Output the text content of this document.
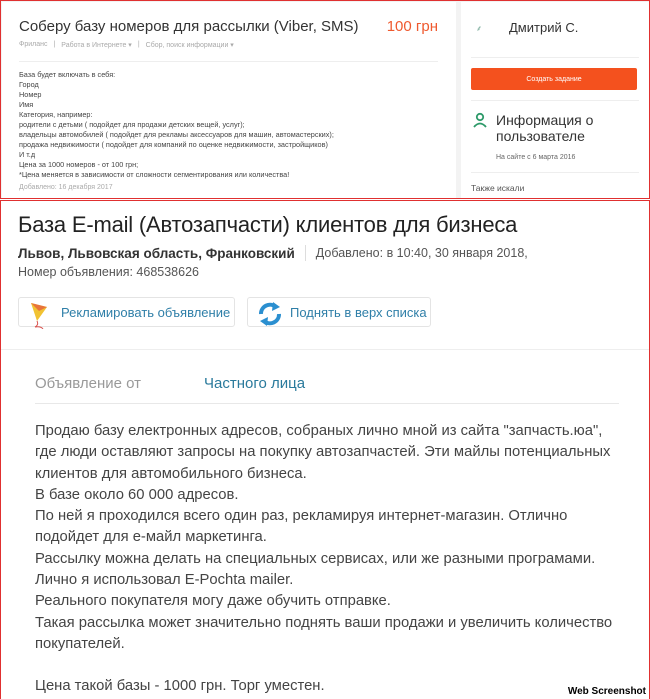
Соберу базу номеров для рассылки (Viber, SMS) 100 грн
Фриланс | Работа в Интернете ▾ | Сбор, поиск информации ▾
База будет включать в себя:
Город
Номер
Имя
Категория, например:
родители с детьми ( подойдет для продажи детских вещей, услуг);
владельцы автомобилей ( подойдет для рекламы аксессуаров для машин, автомастерских);
продажа недвижимости ( подойдет для компаний по оценке недвижимости, застройщиков)
И т.д
Цена за 1000 номеров - от 100 грн;
*Цена меняется в зависимости от сложности сегментирования или количества!
Добавлено: 16 декабря 2017
⸙ Дмитрий С.
Создать задание
Информация о пользователе
На сайте с 6 марта 2016
Также искали
База E-mail (Автозапчасти) клиентов для бизнеса
Львов, Львовская область, Франковский Добавлено: в 10:40, 30 января 2018,
Номер объявления: 468538626
Рекламировать объявление	Поднять в верх списка
Объявление от	Частного лица

Продаю базу електронных адресов, собраных лично мной из сайта "запчасть.юа", где люди оставляют запросы на покупку автозапчастей. Эти майлы потенциальных клиентов для автомобильного бизнеса.

В базе около 60 000 адресов.

По ней я проходился всего один раз, рекламируя интернет-магазин. Отлично подойдет для е-майл маркетинга.

Рассылку можна делать на специальных сервисах, или же разными програмами.

Лично я использовал E-Pochta mailer.

Реального покупателя могу даже обучить отправке.

Такая рассылка может значительно поднять ваши продажи и увеличить количество покупателей.

Цена такой базы - 1000 грн. Торг уместен.	Web Screenshot
